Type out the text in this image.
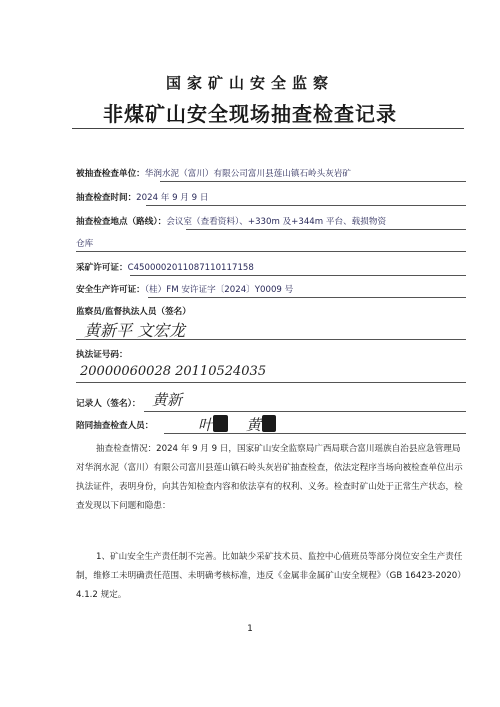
国家矿山安全监察
非煤矿山安全现场抽查检查记录
被抽查检查单位：华润水泥（富川）有限公司富川县莲山镇石岭头灰岩矿
抽查检查时间：2024 年 9 月 9 日
抽查检查地点（路线）：会议室（查看资料）、+330m 及+344m 平台、载损物资
仓库
采矿许可证：C4500002011087110117158
安全生产许可证：（桂）FM 安许证字〔2024〕Y0009 号
监察员/监督执法人员（签名）
黄新平 文宏龙
执法证号码：
20000060028 20110524035
记录人（签名）： 黄新
陪同抽查检查人员：	叶 黄
抽查检查情况：2024 年 9 月 9 日，国家矿山安全监察局广西局联合富川瑶族自治县应急管理局对华润水泥（富川）有限公司富川县莲山镇石岭头灰岩矿抽查检查，依法定程序当场向被检查单位出示执法证件，表明身份，向其告知检查内容和依法享有的权利、义务。检查时矿山处于正常生产状态，检查发现以下问题和隐患：
1、矿山安全生产责任制不完善。比如缺少采矿技术员、监控中心值班员等部分岗位安全生产责任制，维修工未明确责任范围、未明确考核标准，违反《金属非金属矿山安全规程》（GB 16423-2020）4.1.2 规定。
1
